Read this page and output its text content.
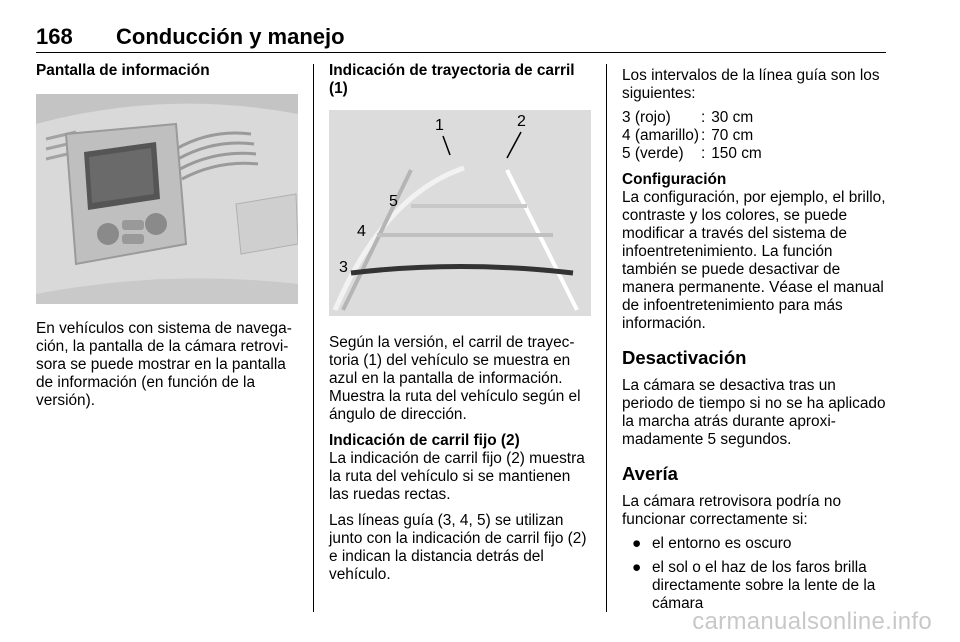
168 Conducción y manejo

Pantalla de información

En vehículos con sistema de navegación, la pantalla de la cámara retrovisora se puede mostrar en la pantalla de información (en función de la versión).

Indicación de trayectoria de carril (1)

1	2
3
4
5

Según la versión, el carril de trayectoria (1) del vehículo se muestra en azul en la pantalla de información. Muestra la ruta del vehículo según el ángulo de dirección.

Indicación de carril fijo (2)

La indicación de carril fijo (2) muestra la ruta del vehículo si se mantienen las ruedas rectas.

Las líneas guía (3, 4, 5) se utilizan junto con la indicación de carril fijo (2) e indican la distancia detrás del vehículo.

Los intervalos de la línea guía son los siguientes:

3 (rojo)	:	30 cm
4 (amarillo)	:	70 cm
5 (verde)	:	150 cm

Configuración

La configuración, por ejemplo, el brillo, contraste y los colores, se puede modificar a través del sistema de infoentretenimiento. La función también se puede desactivar de manera permanente. Véase el manual de infoentretenimiento para más información.

Desactivación

La cámara se desactiva tras un periodo de tiempo si no se ha aplicado la marcha atrás durante aproximadamente 5 segundos.

Avería

La cámara retrovisora podría no funcionar correctamente si:

● el entorno es oscuro
● el sol o el haz de los faros brilla directamente sobre la lente de la cámara
carmanualsonline.info
